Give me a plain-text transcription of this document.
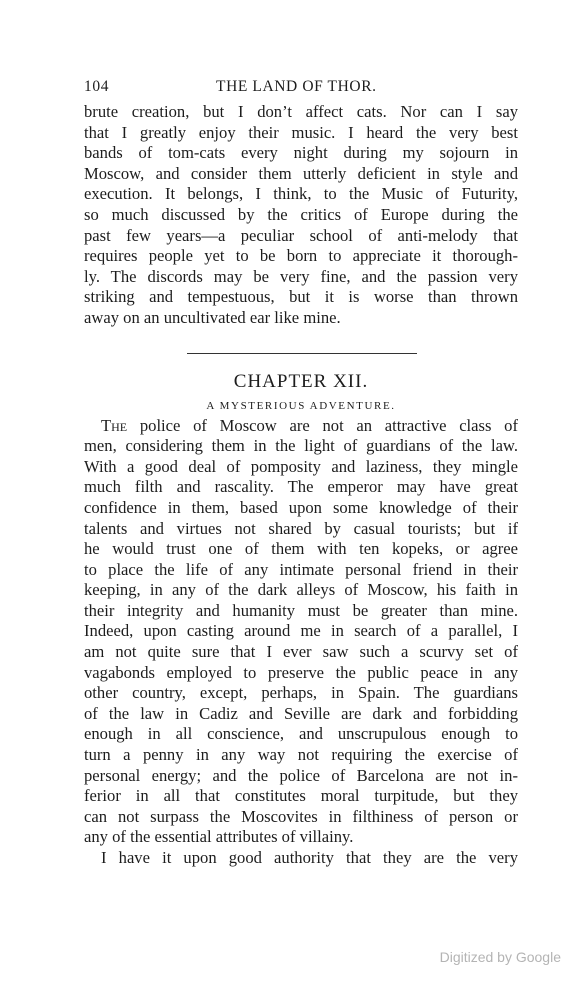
104	THE LAND OF THOR.
brute creation, but I don’t affect cats. Nor can I say
that I greatly enjoy their music. I heard the very best
bands of tom-cats every night during my sojourn in
Moscow, and consider them utterly deficient in style and
execution. It belongs, I think, to the Music of Futurity,
so much discussed by the critics of Europe during the
past few years—a peculiar school of anti-melody that
requires people yet to be born to appreciate it thorough-
ly. The discords may be very fine, and the passion very
striking and tempestuous, but it is worse than thrown
away on an uncultivated ear like mine.
CHAPTER XII.
A MYSTERIOUS ADVENTURE.
The police of Moscow are not an attractive class of
men, considering them in the light of guardians of the law.
With a good deal of pomposity and laziness, they mingle
much filth and rascality. The emperor may have great
confidence in them, based upon some knowledge of their
talents and virtues not shared by casual tourists; but if
he would trust one of them with ten kopeks, or agree
to place the life of any intimate personal friend in their
keeping, in any of the dark alleys of Moscow, his faith in
their integrity and humanity must be greater than mine.
Indeed, upon casting around me in search of a parallel, I
am not quite sure that I ever saw such a scurvy set of
vagabonds employed to preserve the public peace in any
other country, except, perhaps, in Spain. The guardians
of the law in Cadiz and Seville are dark and forbidding
enough in all conscience, and unscrupulous enough to
turn a penny in any way not requiring the exercise of
personal energy; and the police of Barcelona are not in-
ferior in all that constitutes moral turpitude, but they
can not surpass the Moscovites in filthiness of person or
any of the essential attributes of villainy.
I have it upon good authority that they are the very
Digitized by Google
